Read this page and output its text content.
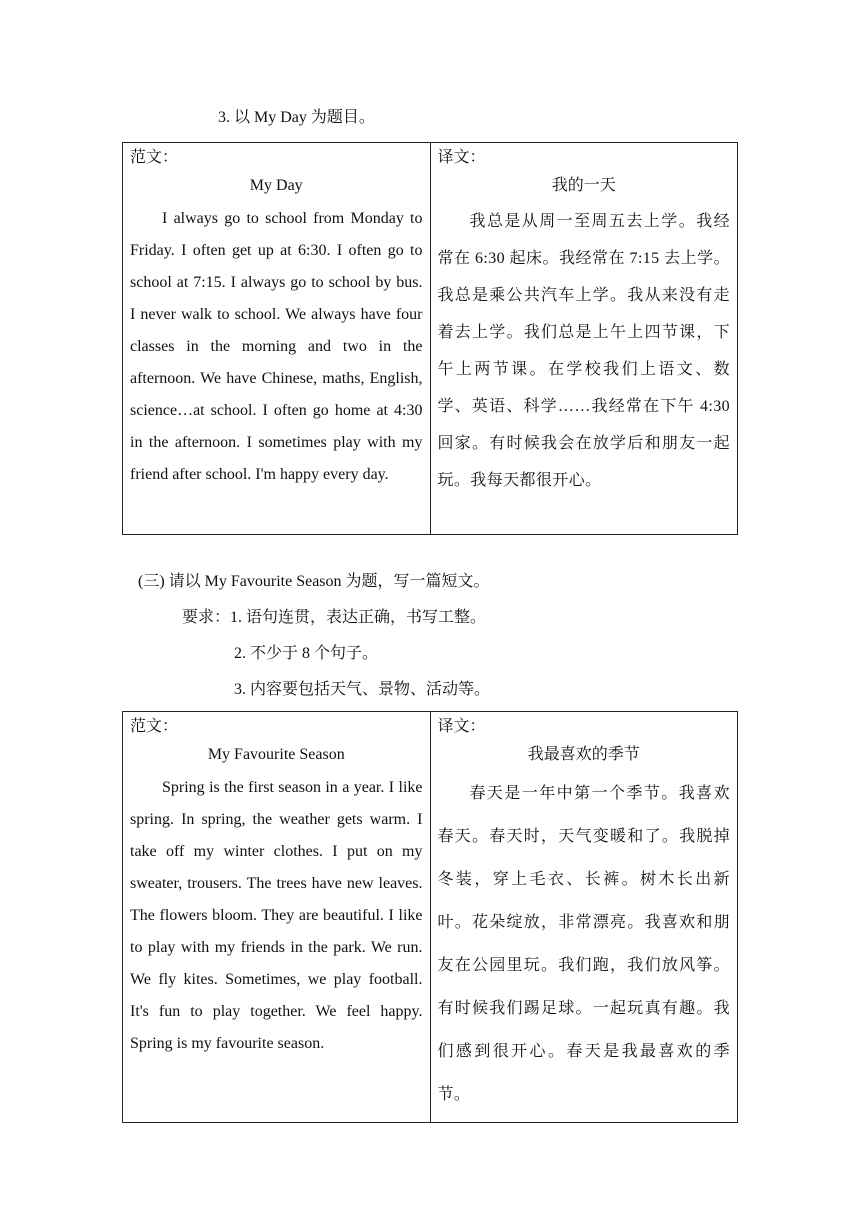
3. 以 My Day 为题目。
范文：
My Day
I always go to school from Monday to Friday. I often get up at 6:30. I often go to school at 7:15. I always go to school by bus. I never walk to school. We always have four classes in the morning and two in the afternoon. We have Chinese, maths, English, science…at school. I often go home at 4:30 in the afternoon. I sometimes play with my friend after school. I'm happy every day.

译文：
我的一天
我总是从周一至周五去上学。我经常在 6:30 起床。我经常在 7:15 去上学。我总是乘公共汽车上学。我从来没有走着去上学。我们总是上午上四节课，下午上两节课。在学校我们上语文、数学、英语、科学……我经常在下午 4:30 回家。有时候我会在放学后和朋友一起玩。我每天都很开心。
(三) 请以 My Favourite Season 为题，写一篇短文。
要求：1. 语句连贯，表达正确，书写工整。
2. 不少于 8 个句子。
3. 内容要包括天气、景物、活动等。
范文：
My Favourite Season
Spring is the first season in a year. I like spring. In spring, the weather gets warm. I take off my winter clothes. I put on my sweater, trousers. The trees have new leaves. The flowers bloom. They are beautiful. I like to play with my friends in the park. We run. We fly kites. Sometimes, we play football. It's fun to play together. We feel happy. Spring is my favourite season.

译文：
我最喜欢的季节
春天是一年中第一个季节。我喜欢春天。春天时，天气变暖和了。我脱掉冬装，穿上毛衣、长裤。树木长出新叶。花朵绽放，非常漂亮。我喜欢和朋友在公园里玩。我们跑，我们放风筝。有时候我们踢足球。一起玩真有趣。我们感到很开心。春天是我最喜欢的季节。
